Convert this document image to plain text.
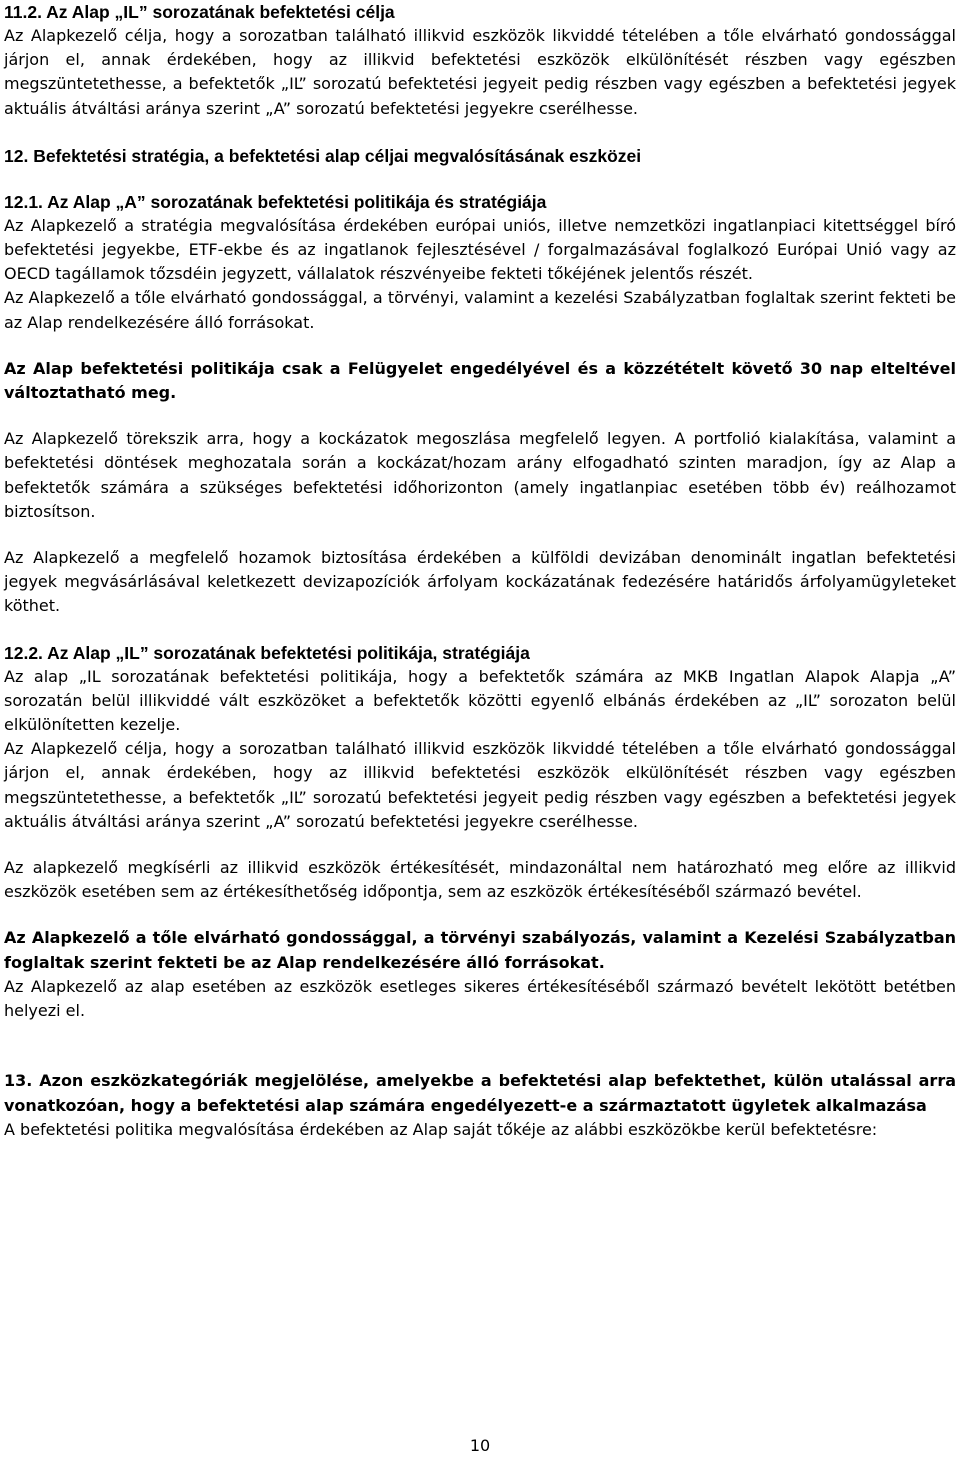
11.2. Az Alap „IL” sorozatának befektetési célja

Az Alapkezelő célja, hogy a sorozatban található illikvid eszközök likviddé tételében a tőle elvárható gondossággal járjon el, annak érdekében, hogy az illikvid befektetési eszközök elkülönítését részben vagy egészben megszüntetethesse, a befektetők „IL” sorozatú befektetési jegyeit pedig részben vagy egészben a befektetési jegyek aktuális átváltási aránya szerint „A” sorozatú befektetési jegyekre cserélhesse.

12. Befektetési stratégia, a befektetési alap céljai megvalósításának eszközei
12.1. Az Alap „A” sorozatának befektetési politikája és stratégiája

Az Alapkezelő a stratégia megvalósítása érdekében európai uniós, illetve nemzetközi ingatlanpiaci kitettséggel bíró befektetési jegyekbe, ETF-ekbe és az ingatlanok fejlesztésével / forgalmazásával foglalkozó Európai Unió vagy az OECD tagállamok tőzsdéin jegyzett, vállalatok részvényeibe fekteti tőkéjének jelentős részét.

Az Alapkezelő a tőle elvárható gondossággal, a törvényi, valamint a kezelési Szabályzatban foglaltak szerint fekteti be az Alap rendelkezésére álló forrásokat.

Az Alap befektetési politikája csak a Felügyelet engedélyével és a közzétételt követő 30 nap elteltével változtatható meg.

Az Alapkezelő törekszik arra, hogy a kockázatok megoszlása megfelelő legyen. A portfolió kialakítása, valamint a befektetési döntések meghozatala során a kockázat/hozam arány elfogadható szinten maradjon, így az Alap a befektetők számára a szükséges befektetési időhorizonton (amely ingatlanpiac esetében több év) reálhozamot biztosítson.

Az Alapkezelő a megfelelő hozamok biztosítása érdekében a külföldi devizában denominált ingatlan befektetési jegyek megvásárlásával keletkezett devizapozíciók árfolyam kockázatának fedezésére határidős árfolyamügyleteket köthet.

12.2. Az Alap „IL” sorozatának befektetési politikája, stratégiája

Az alap „IL sorozatának befektetési politikája, hogy a befektetők számára az MKB Ingatlan Alapok Alapja „A” sorozatán belül illikviddé vált eszközöket a befektetők közötti egyenlő elbánás érdekében az „IL” sorozaton belül elkülönítetten kezelje.

Az Alapkezelő célja, hogy a sorozatban található illikvid eszközök likviddé tételében a tőle elvárható gondossággal járjon el, annak érdekében, hogy az illikvid befektetési eszközök elkülönítését részben vagy egészben megszüntetethesse, a befektetők „IL” sorozatú befektetési jegyeit pedig részben vagy egészben a befektetési jegyek aktuális átváltási aránya szerint „A” sorozatú befektetési jegyekre cserélhesse.

Az alapkezelő megkísérli az illikvid eszközök értékesítését, mindazonáltal nem határozható meg előre az illikvid eszközök esetében sem az értékesíthetőség időpontja, sem az eszközök értékesítéséből származó bevétel.

Az Alapkezelő a tőle elvárható gondossággal, a törvényi szabályozás, valamint a Kezelési Szabályzatban foglaltak szerint fekteti be az Alap rendelkezésére álló forrásokat.

Az Alapkezelő az alap esetében az eszközök esetleges sikeres értékesítéséből származó bevételt lekötött betétben helyezi el.

13. Azon eszközkategóriák megjelölése, amelyekbe a befektetési alap befektethet, külön utalással arra vonatkozóan, hogy a befektetési alap számára engedélyezett-e a származtatott ügyletek alkalmazása

A befektetési politika megvalósítása érdekében az Alap saját tőkéje az alábbi eszközökbe kerül befektetésre:

10
